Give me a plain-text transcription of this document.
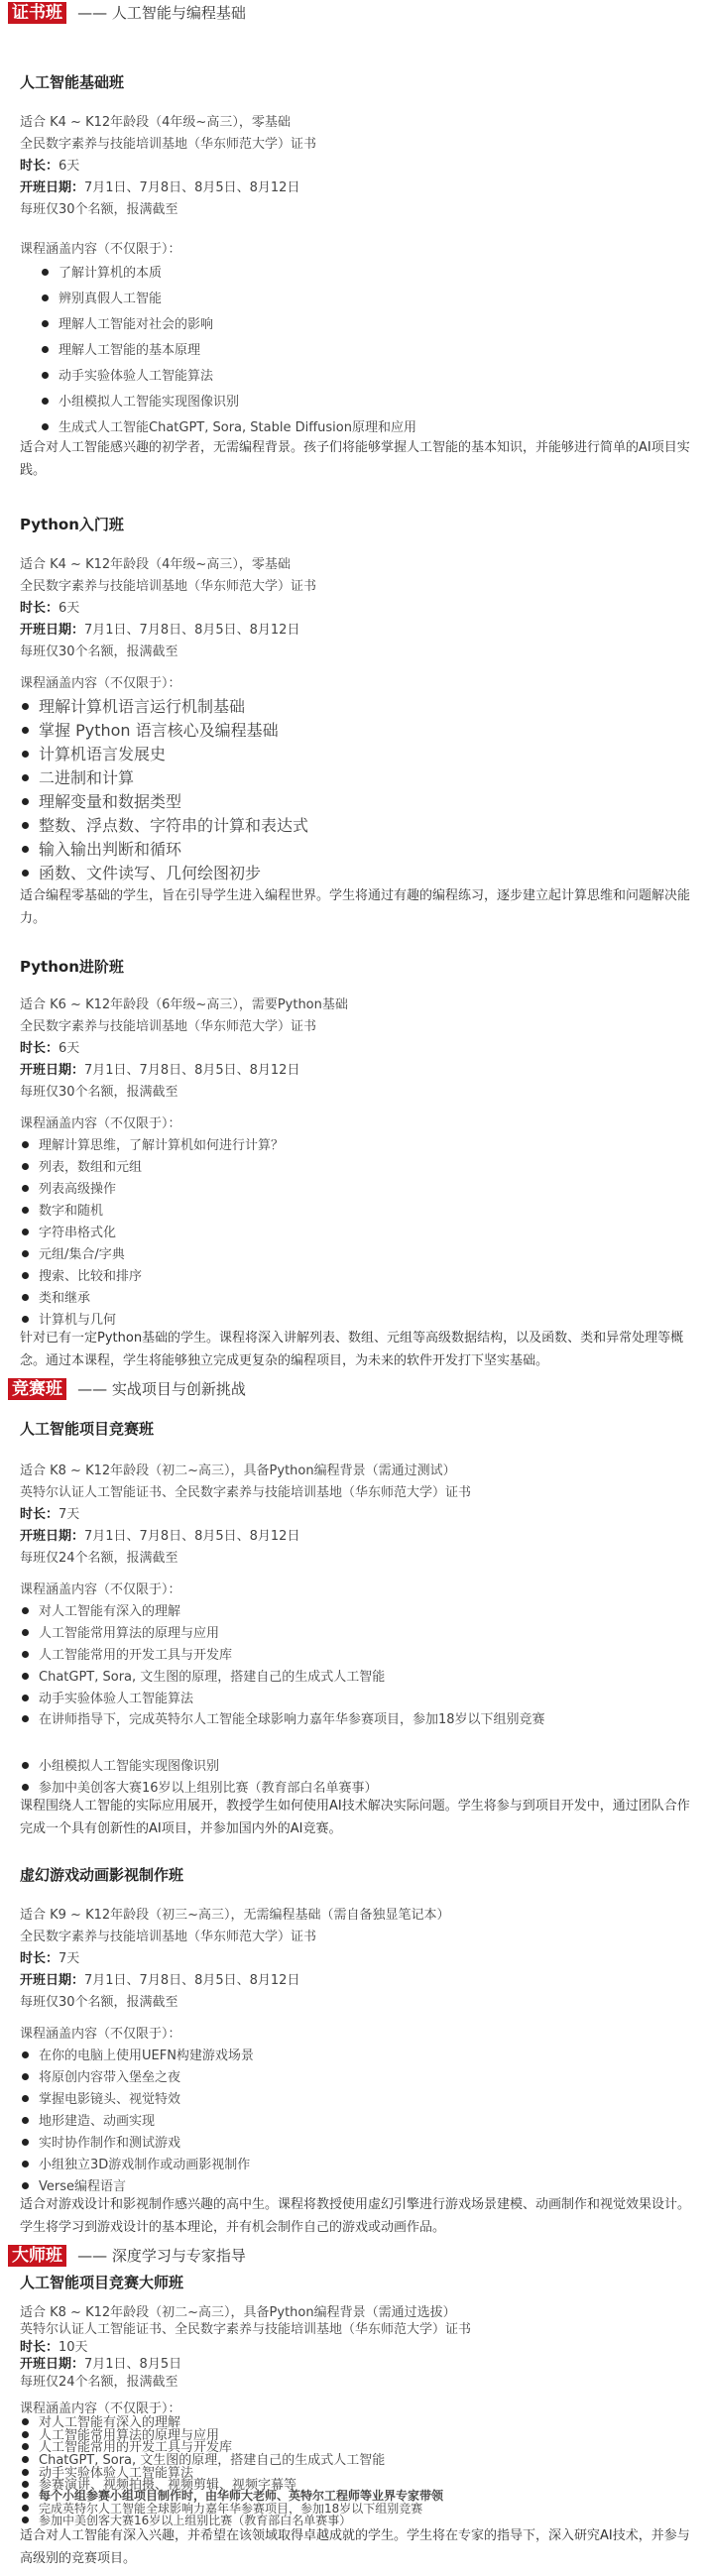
证书班 —— 人工智能与编程基础
人工智能基础班
适合 K4 ~ K12年龄段（4年级~高三），零基础
全民数字素养与技能培训基地（华东师范大学）证书
时长：6天
开班日期：7月1日、7月8日、8月5日、8月12日
每班仅30个名额，报满截至
课程涵盖内容（不仅限于）：
了解计算机的本质
辨别真假人工智能
理解人工智能对社会的影响
理解人工智能的基本原理
动手实验体验人工智能算法
小组模拟人工智能实现图像识别
生成式人工智能ChatGPT, Sora, Stable Diffusion原理和应用
适合对人工智能感兴趣的初学者，无需编程背景。孩子们将能够掌握人工智能的基本知识，并能够进行简单的AI项目实践。
Python入门班
适合 K4 ~ K12年龄段（4年级~高三），零基础
全民数字素养与技能培训基地（华东师范大学）证书
时长：6天
开班日期：7月1日、7月8日、8月5日、8月12日
每班仅30个名额，报满截至
课程涵盖内容（不仅限于）：
理解计算机语言运行机制基础
掌握 Python 语言核心及编程基础
计算机语言发展史
二进制和计算
理解变量和数据类型
整数、浮点数、字符串的计算和表达式
输入输出判断和循环
函数、文件读写、几何绘图初步
适合编程零基础的学生，旨在引导学生进入编程世界。学生将通过有趣的编程练习，逐步建立起计算思维和问题解决能力。
Python进阶班
适合 K6 ~ K12年龄段（6年级~高三），需要Python基础
全民数字素养与技能培训基地（华东师范大学）证书
时长：6天
开班日期：7月1日、7月8日、8月5日、8月12日
每班仅30个名额，报满截至
课程涵盖内容（不仅限于）：
理解计算思维，了解计算机如何进行计算？
列表，数组和元组
列表高级操作
数字和随机
字符串格式化
元组/集合/字典
搜索、比较和排序
类和继承
计算机与几何
针对已有一定Python基础的学生。课程将深入讲解列表、数组、元组等高级数据结构，以及函数、类和异常处理等概念。通过本课程，学生将能够独立完成更复杂的编程项目，为未来的软件开发打下坚实基础。
竞赛班 —— 实战项目与创新挑战
人工智能项目竞赛班
适合 K8 ~ K12年龄段（初二~高三），具备Python编程背景（需通过测试）
英特尔认证人工智能证书、全民数字素养与技能培训基地（华东师范大学）证书
时长：7天
开班日期：7月1日、7月8日、8月5日、8月12日
每班仅24个名额，报满截至
课程涵盖内容（不仅限于）：
对人工智能有深入的理解
人工智能常用算法的原理与应用
人工智能常用的开发工具与开发库
ChatGPT, Sora, 文生图的原理，搭建自己的生成式人工智能
动手实验体验人工智能算法
在讲师指导下，完成英特尔人工智能全球影响力嘉年华参赛项目，参加18岁以下组别竞赛
小组模拟人工智能实现图像识别
参加中美创客大赛16岁以上组别比赛（教育部白名单赛事）
课程围绕人工智能的实际应用展开，教授学生如何使用AI技术解决实际问题。学生将参与到项目开发中，通过团队合作完成一个具有创新性的AI项目，并参加国内外的AI竞赛。
虚幻游戏动画影视制作班
适合 K9 ~ K12年龄段（初三~高三），无需编程基础（需自备独显笔记本）
全民数字素养与技能培训基地（华东师范大学）证书
时长：7天
开班日期：7月1日、7月8日、8月5日、8月12日
每班仅30个名额，报满截至
课程涵盖内容（不仅限于）：
在你的电脑上使用UEFN构建游戏场景
将原创内容带入堡垒之夜
掌握电影镜头、视觉特效
地形建造、动画实现
实时协作制作和测试游戏
小组独立3D游戏制作或动画影视制作
Verse编程语言
适合对游戏设计和影视制作感兴趣的高中生。课程将教授使用虚幻引擎进行游戏场景建模、动画制作和视觉效果设计。学生将学习到游戏设计的基本理论，并有机会制作自己的游戏或动画作品。
大师班 —— 深度学习与专家指导
人工智能项目竞赛大师班
适合 K8 ~ K12年龄段（初二~高三），具备Python编程背景（需通过选拔）
英特尔认证人工智能证书、全民数字素养与技能培训基地（华东师范大学）证书
时长：10天
开班日期：7月1日、8月5日
每班仅24个名额，报满截至
课程涵盖内容（不仅限于）：
对人工智能有深入的理解
人工智能常用算法的原理与应用
人工智能常用的开发工具与开发库
ChatGPT, Sora, 文生图的原理，搭建自己的生成式人工智能
动手实验体验人工智能算法
参赛演讲、视频拍摄、视频剪辑、视频字幕等
每个小组参赛小组项目制作时，由华师大老师、英特尔工程师等业界专家带领
完成英特尔人工智能全球影响力嘉年华参赛项目，参加18岁以下组别竞赛
参加中美创客大赛16岁以上组别比赛（教育部白名单赛事）
适合对人工智能有深入兴趣，并希望在该领域取得卓越成就的学生。学生将在专家的指导下，深入研究AI技术，并参与高级别的竞赛项目。
